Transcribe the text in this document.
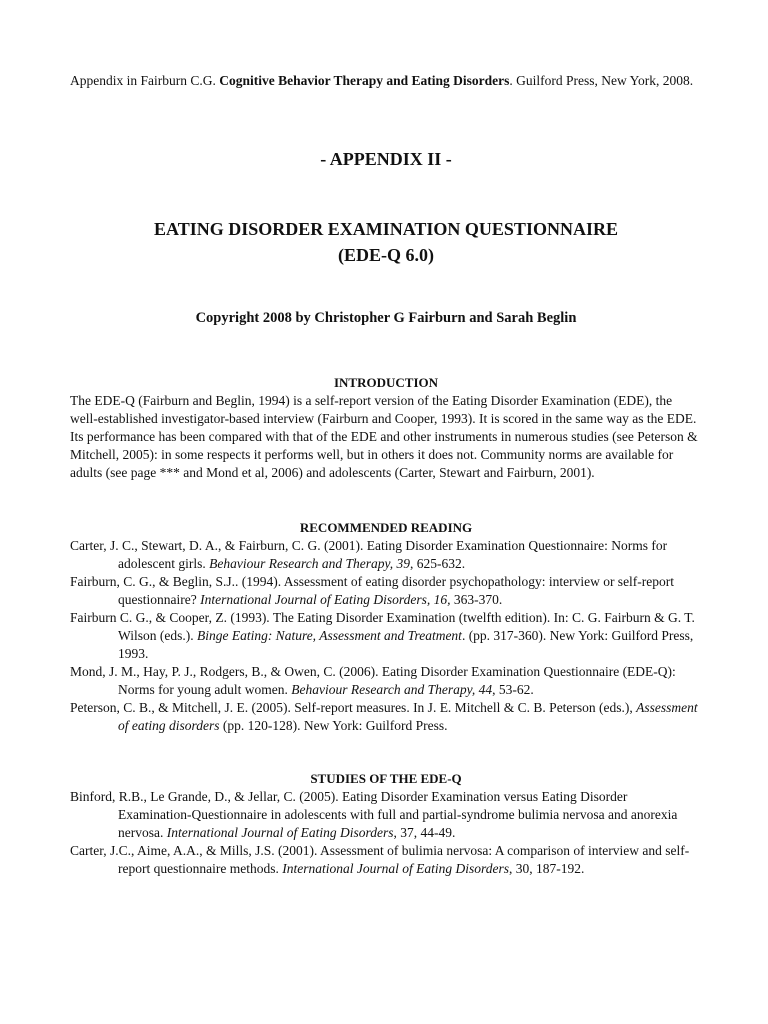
Appendix in Fairburn C.G. Cognitive Behavior Therapy and Eating Disorders. Guilford Press, New York, 2008.

- APPENDIX II -
EATING DISORDER EXAMINATION QUESTIONNAIRE
(EDE-Q 6.0)

Copyright 2008 by Christopher G Fairburn and Sarah Beglin

INTRODUCTION

The EDE-Q (Fairburn and Beglin, 1994) is a self-report version of the Eating Disorder Examination (EDE), the well-established investigator-based interview (Fairburn and Cooper, 1993). It is scored in the same way as the EDE. Its performance has been compared with that of the EDE and other instruments in numerous studies (see Peterson & Mitchell, 2005): in some respects it performs well, but in others it does not. Community norms are available for adults (see page *** and Mond et al, 2006) and adolescents (Carter, Stewart and Fairburn, 2001).

RECOMMENDED READING

Carter, J. C., Stewart, D. A., & Fairburn, C. G. (2001). Eating Disorder Examination Questionnaire: Norms for adolescent girls. Behaviour Research and Therapy, 39, 625-632.

Fairburn, C. G., & Beglin, S.J.. (1994). Assessment of eating disorder psychopathology: interview or self-report questionnaire? International Journal of Eating Disorders, 16, 363-370.

Fairburn C. G., & Cooper, Z. (1993). The Eating Disorder Examination (twelfth edition). In: C. G. Fairburn & G. T. Wilson (eds.). Binge Eating: Nature, Assessment and Treatment. (pp. 317-360). New York: Guilford Press, 1993.

Mond, J. M., Hay, P. J., Rodgers, B., & Owen, C. (2006). Eating Disorder Examination Questionnaire (EDE-Q): Norms for young adult women. Behaviour Research and Therapy, 44, 53-62.

Peterson, C. B., & Mitchell, J. E. (2005). Self-report measures. In J. E. Mitchell & C. B. Peterson (eds.), Assessment of eating disorders (pp. 120-128). New York: Guilford Press.

STUDIES OF THE EDE-Q

Binford, R.B., Le Grande, D., & Jellar, C. (2005). Eating Disorder Examination versus Eating Disorder Examination-Questionnaire in adolescents with full and partial-syndrome bulimia nervosa and anorexia nervosa. International Journal of Eating Disorders, 37, 44-49.

Carter, J.C., Aime, A.A., & Mills, J.S. (2001). Assessment of bulimia nervosa: A comparison of interview and self-report questionnaire methods. International Journal of Eating Disorders, 30, 187-192.
